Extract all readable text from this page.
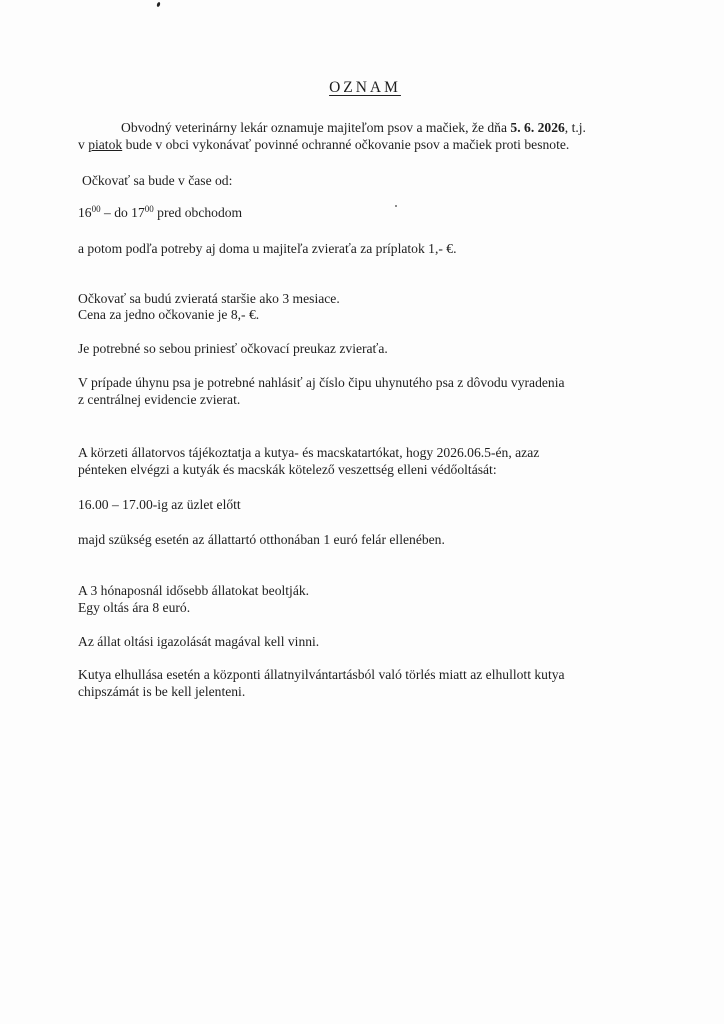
OZNAM
Obvodný veterinárny lekár oznamuje majiteľom psov a mačiek, že dňa 5. 6. 2026, t.j.
v piatok bude v obci vykonávať povinné ochranné očkovanie psov a mačiek proti besnote.
Očkovať sa bude v čase od:
$16^{00}$ – do $17^{00}$ pred obchodom
a potom podľa potreby aj doma u majiteľa zvieraťa za príplatok 1,- €.
Očkovať sa budú zvieratá staršie ako 3 mesiace.
Cena za jedno očkovanie je 8,- €.
Je potrebné so sebou priniesť očkovací preukaz zvieraťa.
V prípade úhynu psa je potrebné nahlásiť aj číslo čipu uhynutého psa z dôvodu vyradenia
z centrálnej evidencie zvierat.
A körzeti állatorvos tájékoztatja a kutya- és macskatartókat, hogy 2026.06.5-én, azaz
pénteken elvégzi a kutyák és macskák kötelező veszettség elleni védőoltását:
16.00 – 17.00-ig az üzlet előtt
majd szükség esetén az állattartó otthonában 1 euró felár ellenében.
A 3 hónaposnál idősebb állatokat beoltják.
Egy oltás ára 8 euró.
Az állat oltási igazolását magával kell vinni.
Kutya elhullása esetén a központi állatnyilvántartásból való törlés miatt az elhullott kutya
chipszámát is be kell jelenteni.
